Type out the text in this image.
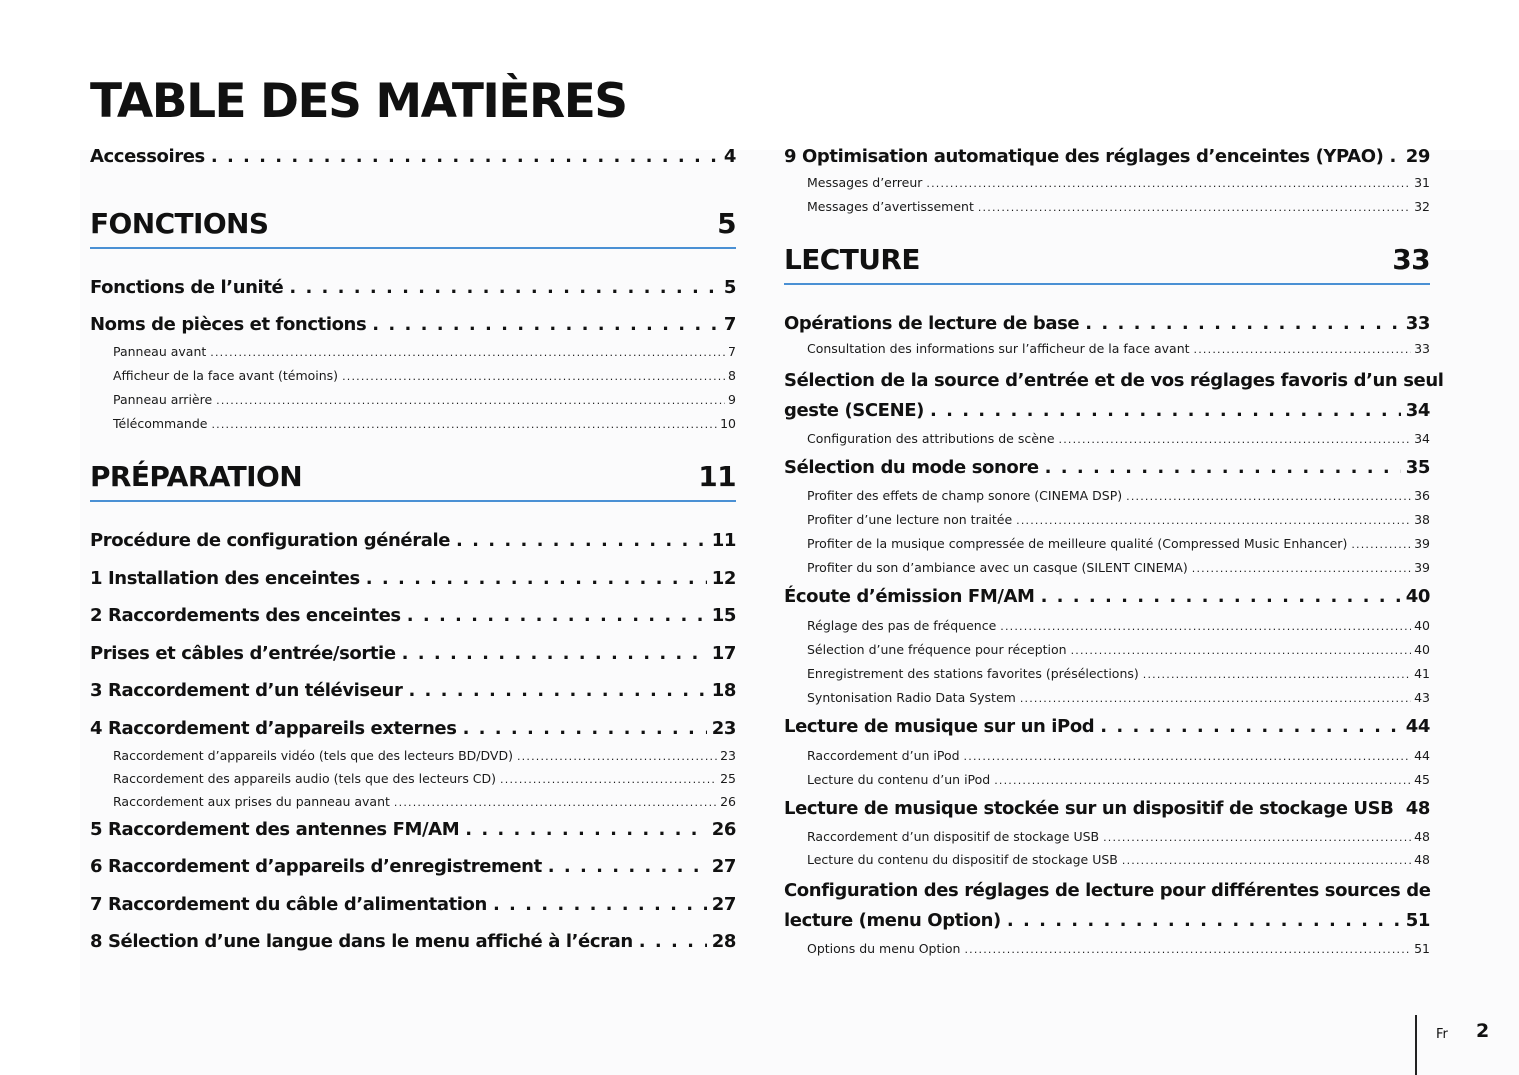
TABLE DES MATIÈRES
Accessoires . . .	4
FONCTIONS	5
Fonctions de l’unité . . .	5
Noms de pièces et fonctions . . .	7
Panneau avant .....	7
Afficheur de la face avant (témoins) .....	8
Panneau arrière .....	9
Télécommande .....	10
PRÉPARATION	11
Procédure de configuration générale . . .	11
1 Installation des enceintes . . .	12
2 Raccordements des enceintes . . .	15
Prises et câbles d’entrée/sortie . . .	17
3 Raccordement d’un téléviseur . . .	18
4 Raccordement d’appareils externes . . .	23
Raccordement d’appareils vidéo (tels que des lecteurs BD/DVD) .....	23
Raccordement des appareils audio (tels que des lecteurs CD) .....	25
Raccordement aux prises du panneau avant .....	26
5 Raccordement des antennes FM/AM . . .	26
6 Raccordement d’appareils d’enregistrement . . .	27
7 Raccordement du câble d’alimentation . . .	27
8 Sélection d’une langue dans le menu affiché à l’écran . . .	28
9 Optimisation automatique des réglages d’enceintes (YPAO) . . . 29
Messages d’erreur .....	31
Messages d’avertissement .....	32
LECTURE	33
Opérations de lecture de base . . .	33
Consultation des informations sur l’afficheur de la face avant .....	33
Sélection de la source d’entrée et de vos réglages favoris d’un seul
geste (SCENE) . . .	34
Configuration des attributions de scène .....	34
Sélection du mode sonore . . .	35
Profiter des effets de champ sonore (CINEMA DSP) .....	36
Profiter d’une lecture non traitée .....	38
Profiter de la musique compressée de meilleure qualité (Compressed Music Enhancer) .....	39
Profiter du son d’ambiance avec un casque (SILENT CINEMA) .....	39
Écoute d’émission FM/AM . . .	40
Réglage des pas de fréquence .....	40
Sélection d’une fréquence pour réception .....	40
Enregistrement des stations favorites (présélections) .....	41
Syntonisation Radio Data System .....	43
Lecture de musique sur un iPod . . .	44
Raccordement d’un iPod .....	44
Lecture du contenu d’un iPod .....	45
Lecture de musique stockée sur un dispositif de stockage USB . . . 48
Raccordement d’un dispositif de stockage USB .....	48
Lecture du contenu du dispositif de stockage USB .....	48
Configuration des réglages de lecture pour différentes sources de
lecture (menu Option) . . .	51
Options du menu Option .....	51
Fr 2
